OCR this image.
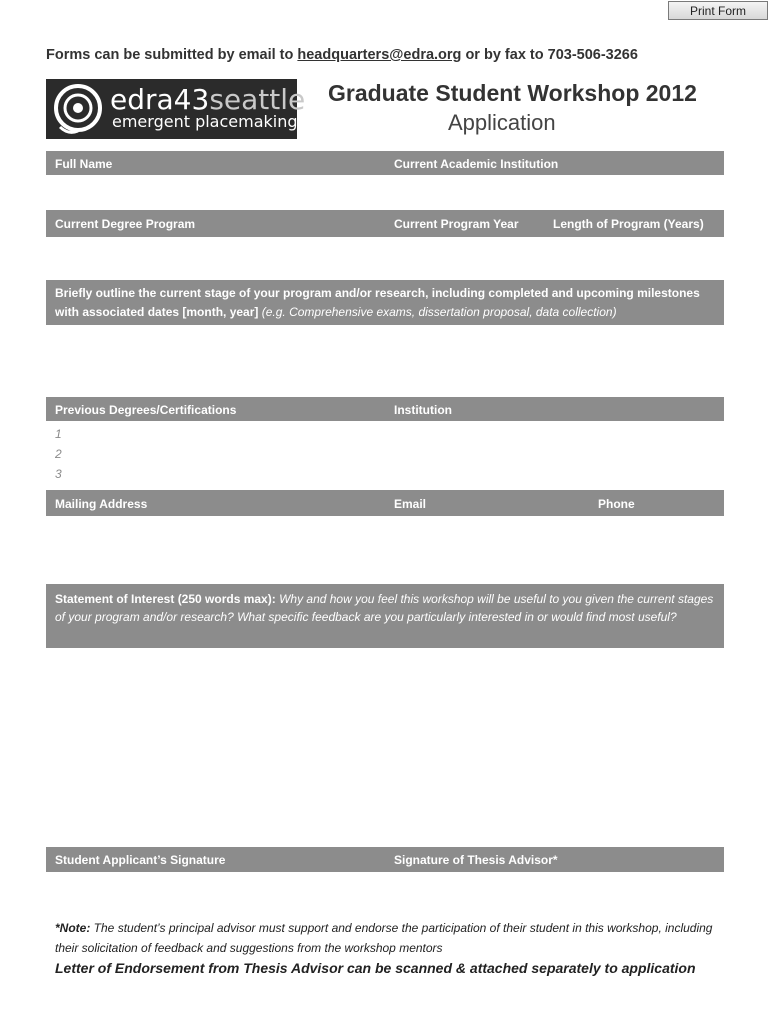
Print Form
Forms can be submitted by email to headquarters@edra.org or by fax to 703-506-3266
edra43seattle
emergent placemaking
Graduate Student Workshop 2012
Application
Full Name	Current Academic Institution
Current Degree Program	Current Program Year	Length of Program (Years)
Briefly outline the current stage of your program and/or research, including completed and upcoming milestones with associated dates [month, year] (e.g. Comprehensive exams, dissertation proposal, data collection)
Previous Degrees/Certifications	Institution
1
2
3
Mailing Address	Email	Phone
Statement of Interest (250 words max): Why and how you feel this workshop will be useful to you given the current stages of your program and/or research? What specific feedback are you particularly interested in or would find most useful?
Student Applicant’s Signature	Signature of Thesis Advisor*
*Note: The student’s principal advisor must support and endorse the participation of their student in this workshop, including their solicitation of feedback and suggestions from the workshop mentors
Letter of Endorsement from Thesis Advisor can be scanned & attached separately to application
